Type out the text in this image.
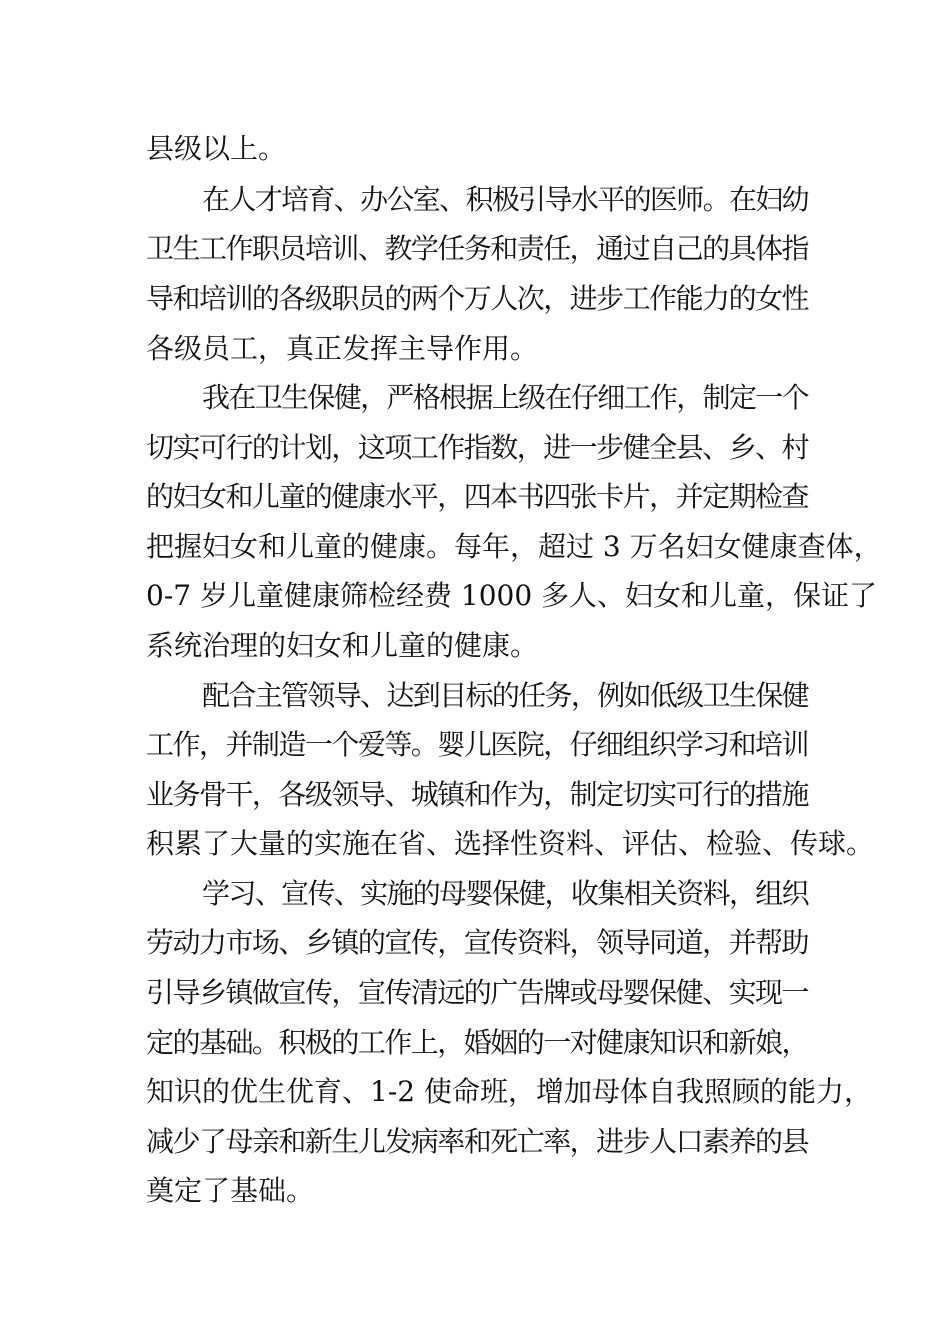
县级以上。
在人才培育、办公室、积极引导水平的医师。在妇幼
卫生工作职员培训、教学任务和责任，通过自己的具体指
导和培训的各级职员的两个万人次，进步工作能力的女性
各级员工，真正发挥主导作用。
我在卫生保健，严格根据上级在仔细工作，制定一个
切实可行的计划，这项工作指数，进一步健全县、乡、村
的妇女和儿童的健康水平，四本书四张卡片，并定期检查
把握妇女和儿童的健康。每年，超过 3 万名妇女健康查体，
0-7 岁儿童健康筛检经费 1000 多人、妇女和儿童，保证了
系统治理的妇女和儿童的健康。
配合主管领导、达到目标的任务，例如低级卫生保健
工作，并制造一个爱等。婴儿医院，仔细组织学习和培训
业务骨干，各级领导、城镇和作为，制定切实可行的措施
积累了大量的实施在省、选择性资料、评估、检验、传球。
学习、宣传、实施的母婴保健，收集相关资料，组织
劳动力市场、乡镇的宣传，宣传资料，领导同道，并帮助
引导乡镇做宣传，宣传清远的广告牌或母婴保健、实现一
定的基础。积极的工作上，婚姻的一对健康知识和新娘，
知识的优生优育、1-2 使命班，增加母体自我照顾的能力，
减少了母亲和新生儿发病率和死亡率，进步人口素养的县
奠定了基础。
